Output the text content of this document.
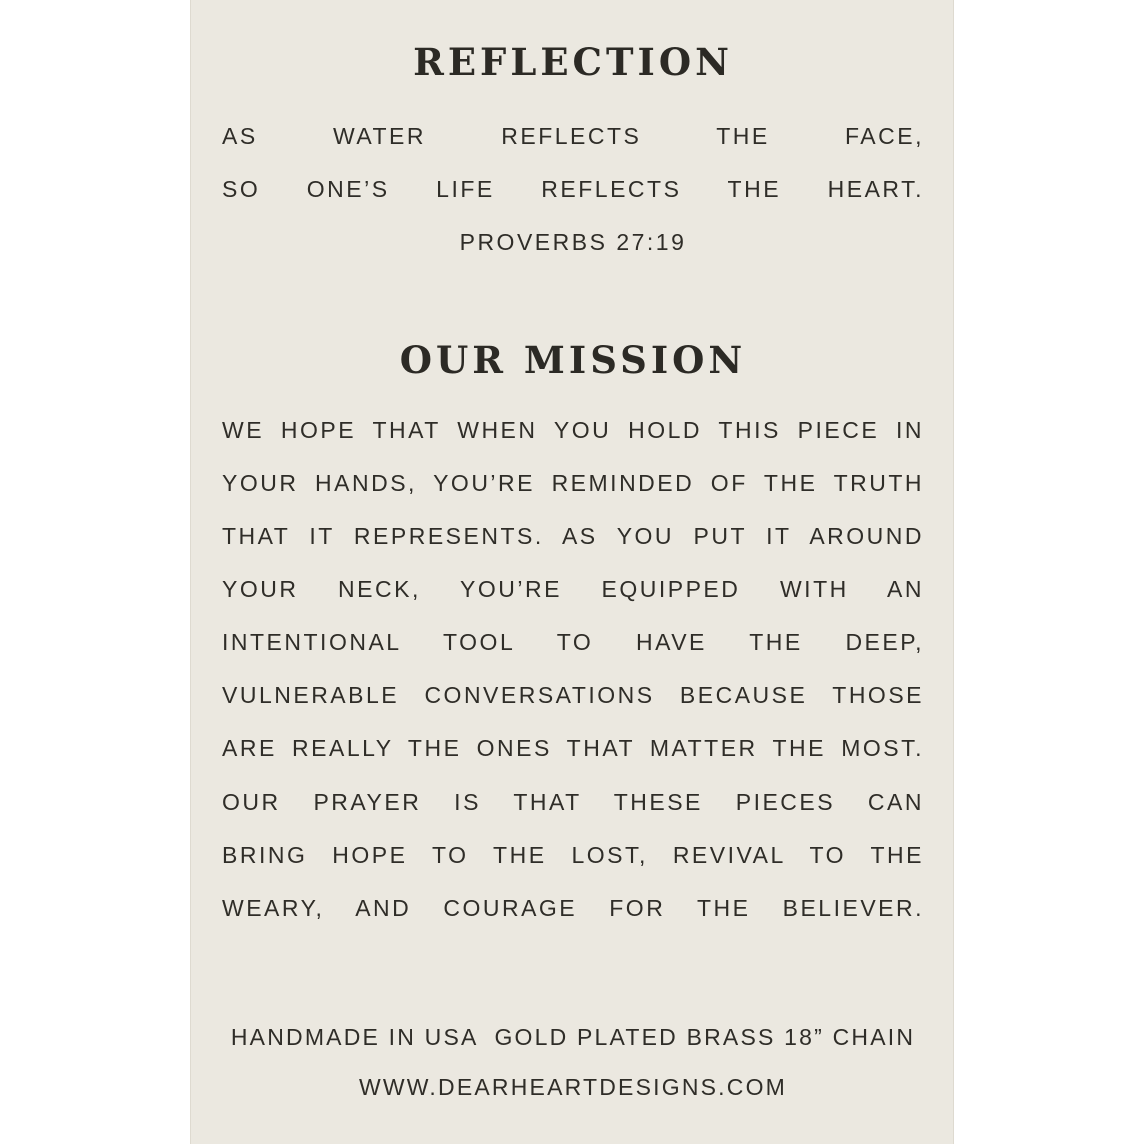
REFLECTION
AS WATER REFLECTS THE FACE,
SO ONE’S LIFE REFLECTS THE HEART.
PROVERBS 27:19
OUR MISSION
WE HOPE THAT WHEN YOU HOLD THIS PIECE IN
YOUR HANDS, YOU’RE REMINDED OF THE TRUTH
THAT IT REPRESENTS. AS YOU PUT IT AROUND
YOUR NECK, YOU’RE EQUIPPED WITH AN
INTENTIONAL TOOL TO HAVE THE DEEP,
VULNERABLE CONVERSATIONS BECAUSE THOSE
ARE REALLY THE ONES THAT MATTER THE MOST.
OUR PRAYER IS THAT THESE PIECES CAN
BRING HOPE TO THE LOST, REVIVAL TO THE
WEARY, AND COURAGE FOR THE BELIEVER.
HANDMADE IN USA  GOLD PLATED BRASS 18” CHAIN
WWW.DEARHEARTDESIGNS.COM
